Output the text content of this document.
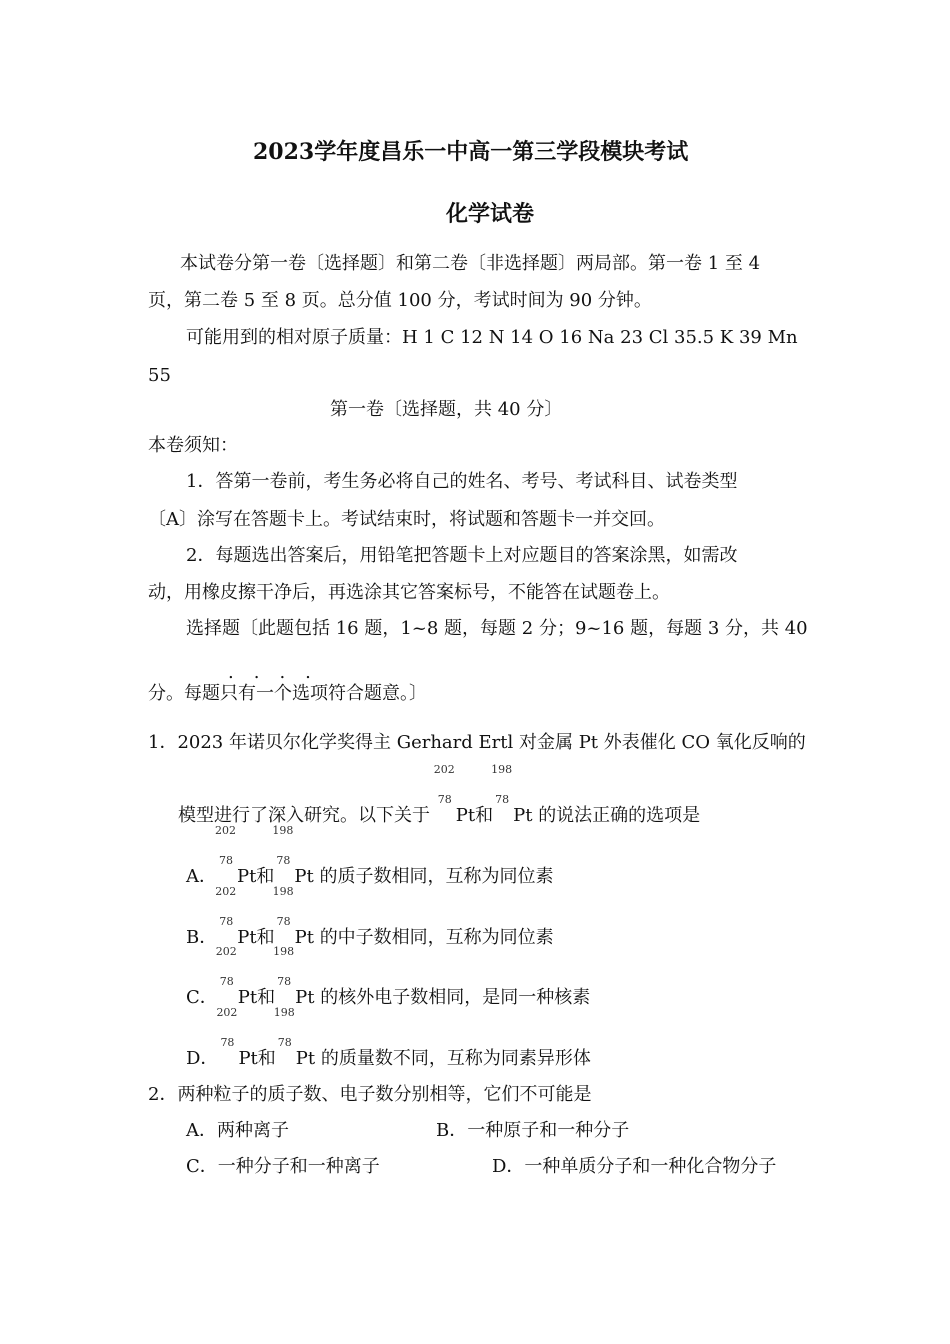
2023学年度昌乐一中高一第三学段模块考试
化学试卷
本试卷分第一卷〔选择题〕和第二卷〔非选择题〕两局部。第一卷 1 至 4
页，第二卷 5 至 8 页。总分值 100 分，考试时间为 90 分钟。
可能用到的相对原子质量：H 1 C 12 N 14 O 16 Na 23 Cl 35.5 K 39 Mn
55
第一卷〔选择题，共 40 分〕
本卷须知：
1．答第一卷前，考生务必将自己的姓名、考号、考试科目、试卷类型
〔A〕涂写在答题卡上。考试结束时，将试题和答题卡一并交回。
2．每题选出答案后，用铅笔把答题卡上对应题目的答案涂黑，如需改
动，用橡皮擦干净后，再选涂其它答案标号，不能答在试题卷上。
选择题〔此题包括 16 题，1~8 题，每题 2 分；9~16 题，每题 3 分，共 40
....
分。每题只有一个选项符合题意。〕
1．2023 年诺贝尔化学奖得主 Gerhard Ertl 对金属 Pt 外表催化 CO 氧化反响的
模型进行了深入研究。以下关于
202
78
Pt和
198
78
Pt 的说法正确的选项是
A．
202
78
Pt和
198
78
Pt 的质子数相同，互称为同位素
B．
202
78
Pt和
198
78
Pt 的中子数相同，互称为同位素
C．
202
78
Pt和
198
78
Pt 的核外电子数相同，是同一种核素
D．
202
78
Pt和
198
78
Pt 的质量数不同，互称为同素异形体
2．两种粒子的质子数、电子数分别相等，它们不可能是
A．两种离子	B．一种原子和一种分子
C．一种分子和一种离子	D．一种单质分子和一种化合物分子
